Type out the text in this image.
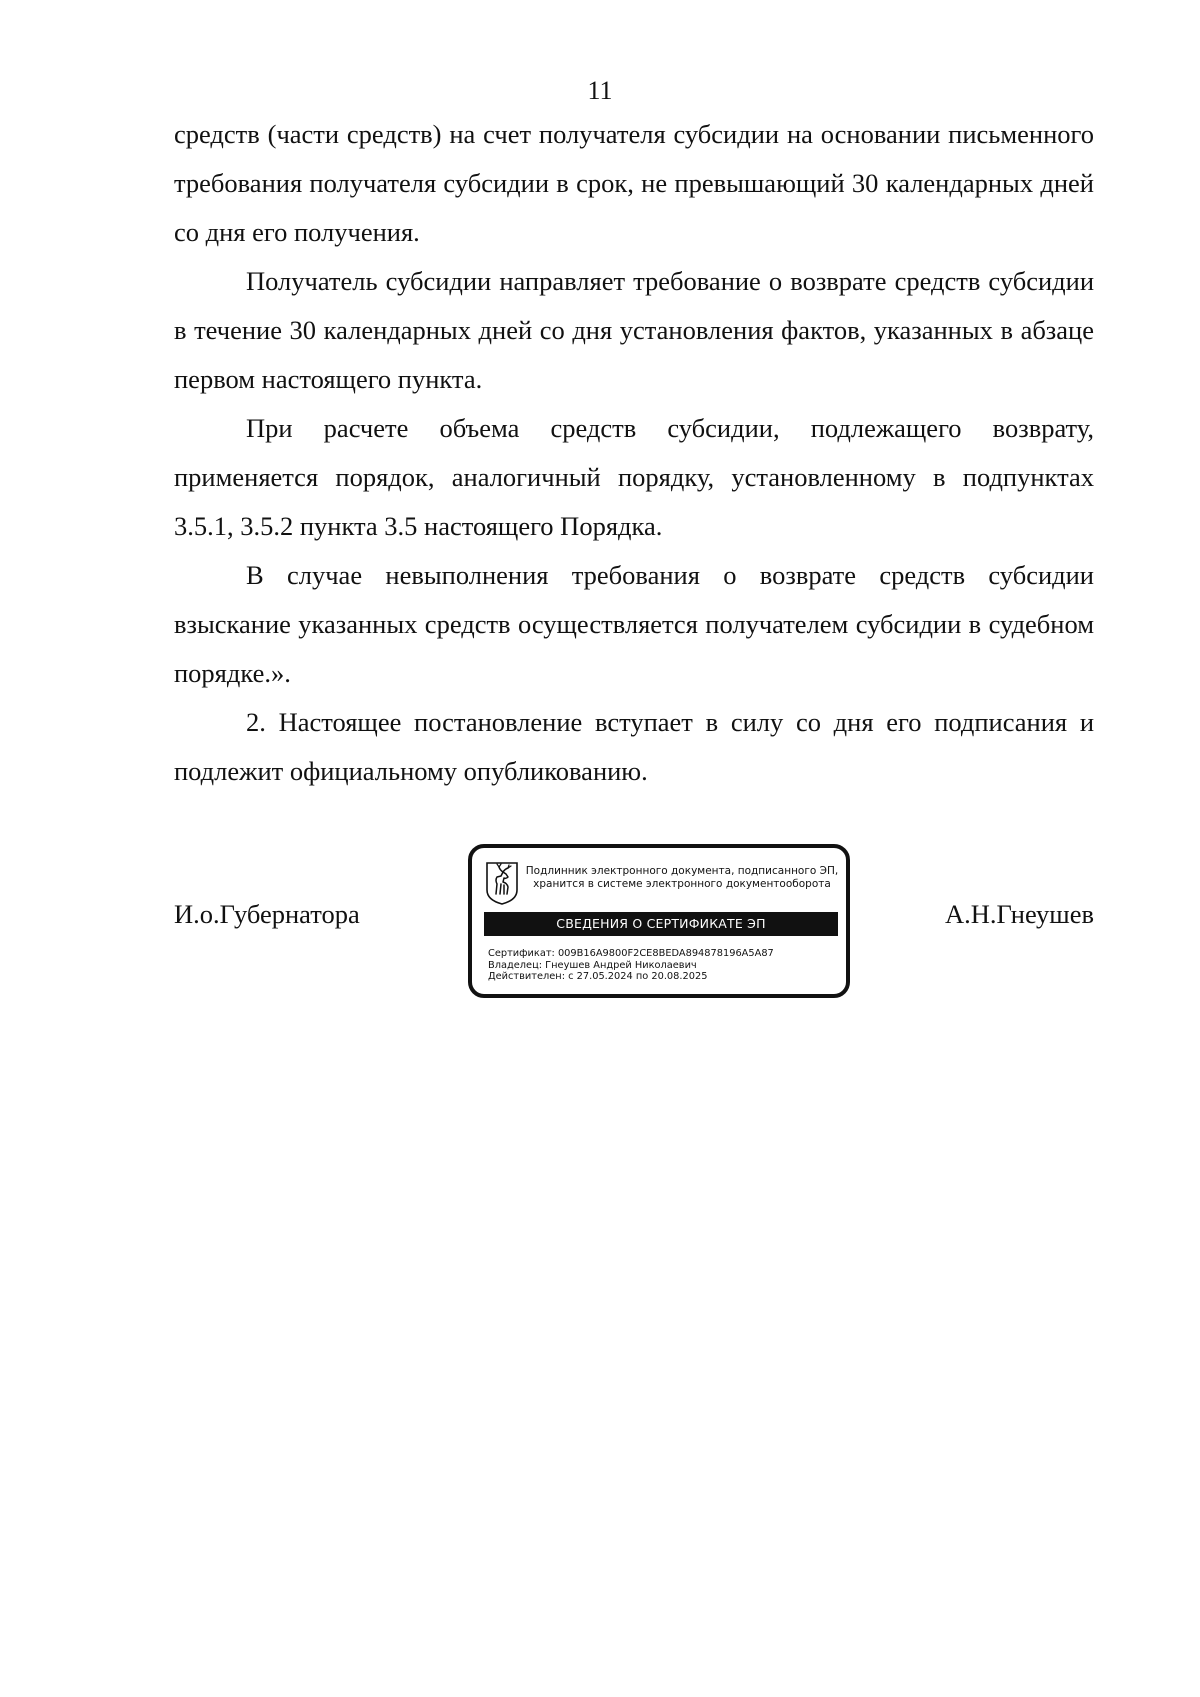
11

средств (части средств) на счет получателя субсидии на основании письменного требования получателя субсидии в срок, не превышающий 30 календарных дней со дня его получения.

Получатель субсидии направляет требование о возврате средств субсидии в течение 30 календарных дней со дня установления фактов, указанных в абзаце первом настоящего пункта.

При расчете объема средств субсидии, подлежащего возврату, применяется порядок, аналогичный порядку, установленному в подпунктах 3.5.1, 3.5.2 пункта 3.5 настоящего Порядка.

В случае невыполнения требования о возврате средств субсидии взыскание указанных средств осуществляется получателем субсидии в судебном порядке.».

2. Настоящее постановление вступает в силу со дня его подписания и подлежит официальному опубликованию.

И.о.Губернатора
Подлинник электронного документа, подписанного ЭП,
хранится в системе электронного документооборота
СВЕДЕНИЯ О СЕРТИФИКАТЕ ЭП
Сертификат: 009B16A9800F2CE8BEDA894878196A5A87
Владелец: Гнеушев Андрей Николаевич
Действителен: с 27.05.2024 по 20.08.2025
А.Н.Гнеушев
